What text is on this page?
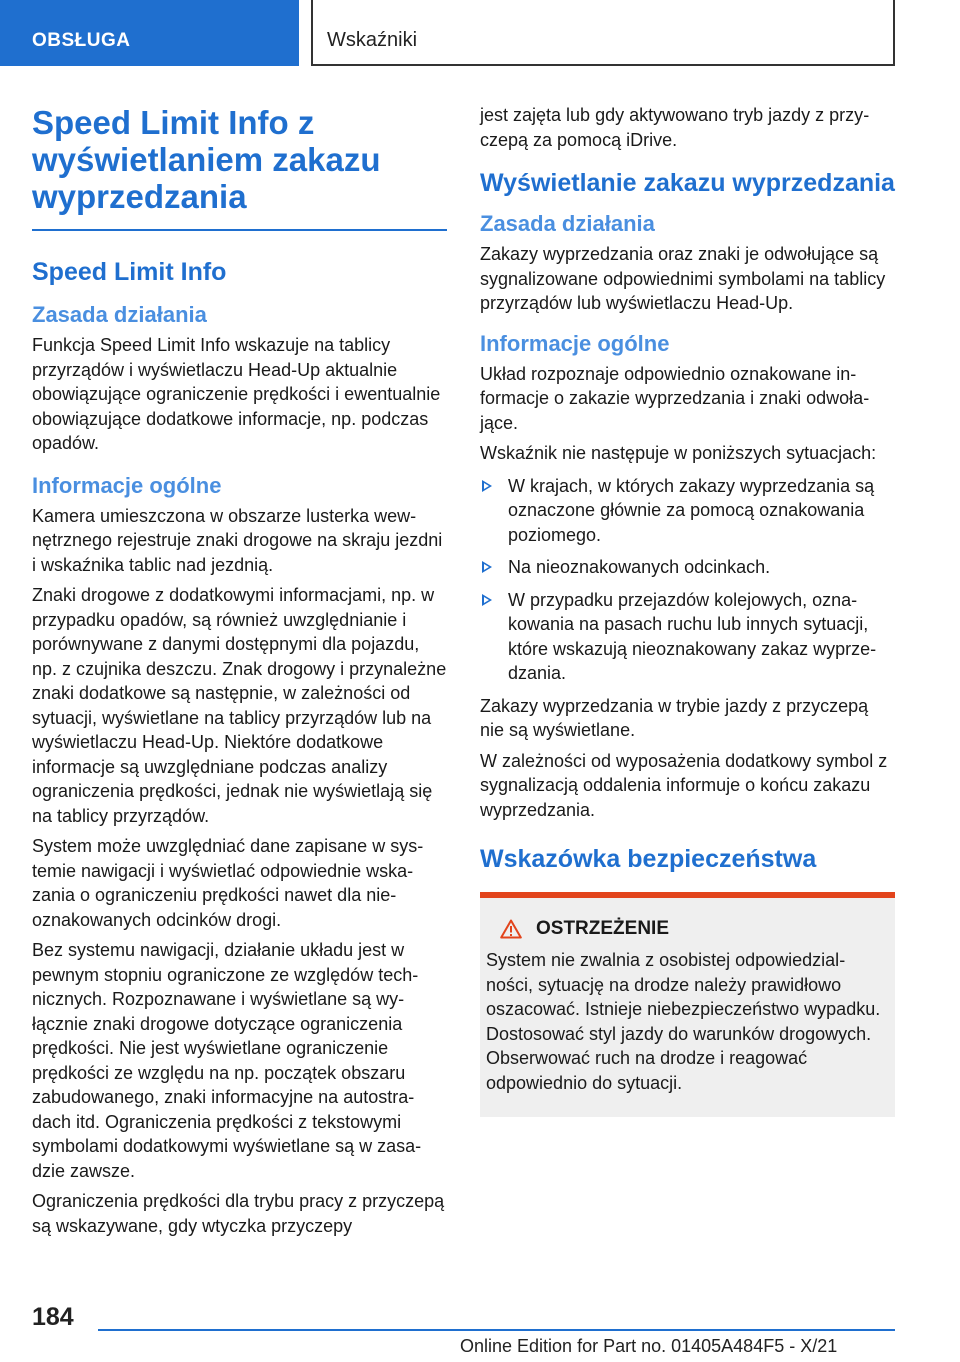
OBSŁUGA	Wskaźniki
Speed Limit Info z wyświetlaniem zakazu wyprzedzania
Speed Limit Info
Zasada działania
Funkcja Speed Limit Info wskazuje na tablicy przyrządów i wyświetlaczu Head-Up aktualnie obowiązujące ograniczenie prędkości i ewentualnie obowiązujące dodatkowe informacje, np. podczas opadów.
Informacje ogólne
Kamera umieszczona w obszarze lusterka wewnętrznego rejestruje znaki drogowe na skraju jezdni i wskaźnika tablic nad jezdnią.
Znaki drogowe z dodatkowymi informacjami, np. w przypadku opadów, są również uwzględnianie i porównywane z danymi dostępnymi dla pojazdu, np. z czujnika deszczu. Znak drogowy i przynależne znaki dodatkowe są następnie, w zależności od sytuacji, wyświetlane na tablicy przyrządów lub na wyświetlaczu Head-Up. Niektóre dodatkowe informacje są uwzględniane podczas analizy ograniczenia prędkości, jednak nie wyświetlają się na tablicy przyrządów.
System może uwzględniać dane zapisane w systemie nawigacji i wyświetlać odpowiednie wskazania o ograniczeniu prędkości nawet dla nieoznakowanych odcinków drogi.
Bez systemu nawigacji, działanie układu jest w pewnym stopniu ograniczone ze względów technicznych. Rozpoznawane i wyświetlane są wyłącznie znaki drogowe dotyczące ograniczenia prędkości. Nie jest wyświetlane ograniczenie prędkości ze względu na np. początek obszaru zabudowanego, znaki informacyjne na autostradach itd. Ograniczenia prędkości z tekstowymi symbolami dodatkowymi wyświetlane są w zasadzie zawsze.
Ograniczenia prędkości dla trybu pracy z przyczepą są wskazywane, gdy wtyczka przyczepy
jest zajęta lub gdy aktywowano tryb jazdy z przyczepą za pomocą iDrive.
Wyświetlanie zakazu wyprzedzania
Zasada działania
Zakazy wyprzedzania oraz znaki je odwołujące są sygnalizowane odpowiednimi symbolami na tablicy przyrządów lub wyświetlaczu Head-Up.
Informacje ogólne
Układ rozpoznaje odpowiednio oznakowane informacje o zakazie wyprzedzania i znaki odwołające.
Wskaźnik nie następuje w poniższych sytuacjach:
W krajach, w których zakazy wyprzedzania są oznaczone głównie za pomocą oznakowania poziomego.
Na nieoznakowanych odcinkach.
W przypadku przejazdów kolejowych, oznakowania na pasach ruchu lub innych sytuacji, które wskazują nieoznakowany zakaz wyprzedzania.
Zakazy wyprzedzania w trybie jazdy z przyczepą nie są wyświetlane.
W zależności od wyposażenia dodatkowy symbol z sygnalizacją oddalenia informuje o końcu zakazu wyprzedzania.
Wskazówka bezpieczeństwa
OSTRZEŻENIE
System nie zwalnia z osobistej odpowiedzialności, sytuację na drodze należy prawidłowo oszacować. Istnieje niebezpieczeństwo wypadku. Dostosować styl jazdy do warunków drogowych. Obserwować ruch na drodze i reagować odpowiednio do sytuacji.
184
Online Edition for Part no. 01405A484F5 - X/21
